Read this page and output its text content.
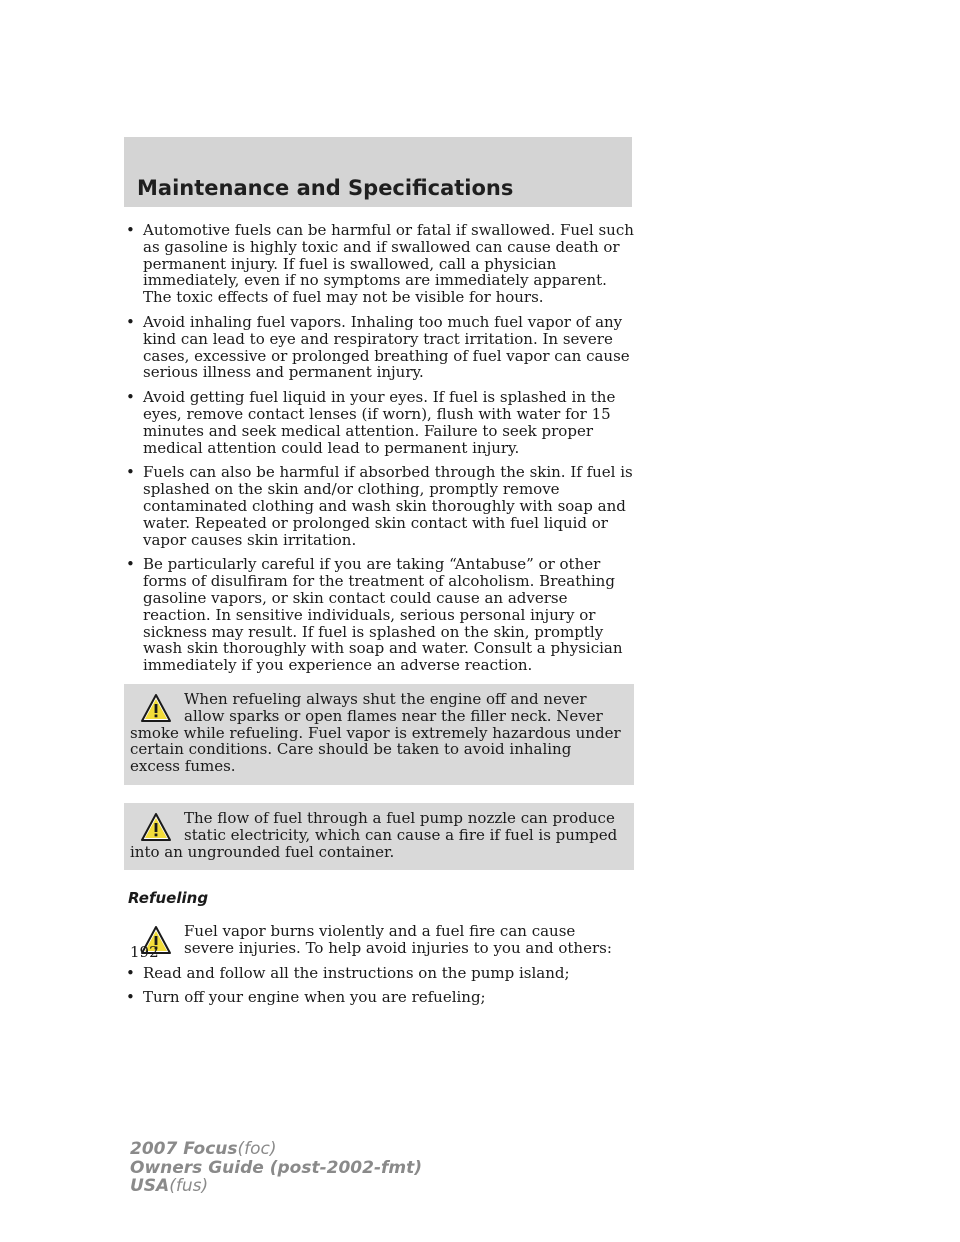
Maintenance and Specifications
• Automotive fuels can be harmful or fatal if swallowed. Fuel such as gasoline is highly toxic and if swallowed can cause death or permanent injury. If fuel is swallowed, call a physician immediately, even if no symptoms are immediately apparent. The toxic effects of fuel may not be visible for hours.
• Avoid inhaling fuel vapors. Inhaling too much fuel vapor of any kind can lead to eye and respiratory tract irritation. In severe cases, excessive or prolonged breathing of fuel vapor can cause serious illness and permanent injury.
• Avoid getting fuel liquid in your eyes. If fuel is splashed in the eyes, remove contact lenses (if worn), flush with water for 15 minutes and seek medical attention. Failure to seek proper medical attention could lead to permanent injury.
• Fuels can also be harmful if absorbed through the skin. If fuel is splashed on the skin and/or clothing, promptly remove contaminated clothing and wash skin thoroughly with soap and water. Repeated or prolonged skin contact with fuel liquid or vapor causes skin irritation.
• Be particularly careful if you are taking “Antabuse” or other forms of disulfiram for the treatment of alcoholism. Breathing gasoline vapors, or skin contact could cause an adverse reaction. In sensitive individuals, serious personal injury or sickness may result. If fuel is splashed on the skin, promptly wash skin thoroughly with soap and water. Consult a physician immediately if you experience an adverse reaction.

When refueling always shut the engine off and never allow sparks or open flames near the filler neck. Never smoke while refueling. Fuel vapor is extremely hazardous under certain conditions. Care should be taken to avoid inhaling excess fumes.

The flow of fuel through a fuel pump nozzle can produce static electricity, which can cause a fire if fuel is pumped into an ungrounded fuel container.

Refueling

Fuel vapor burns violently and a fuel fire can cause severe injuries. To help avoid injuries to you and others:

• Read and follow all the instructions on the pump island;
• Turn off your engine when you are refueling;
192
2007 Focus(foc)
Owners Guide (post-2002-fmt)
USA(fus)
